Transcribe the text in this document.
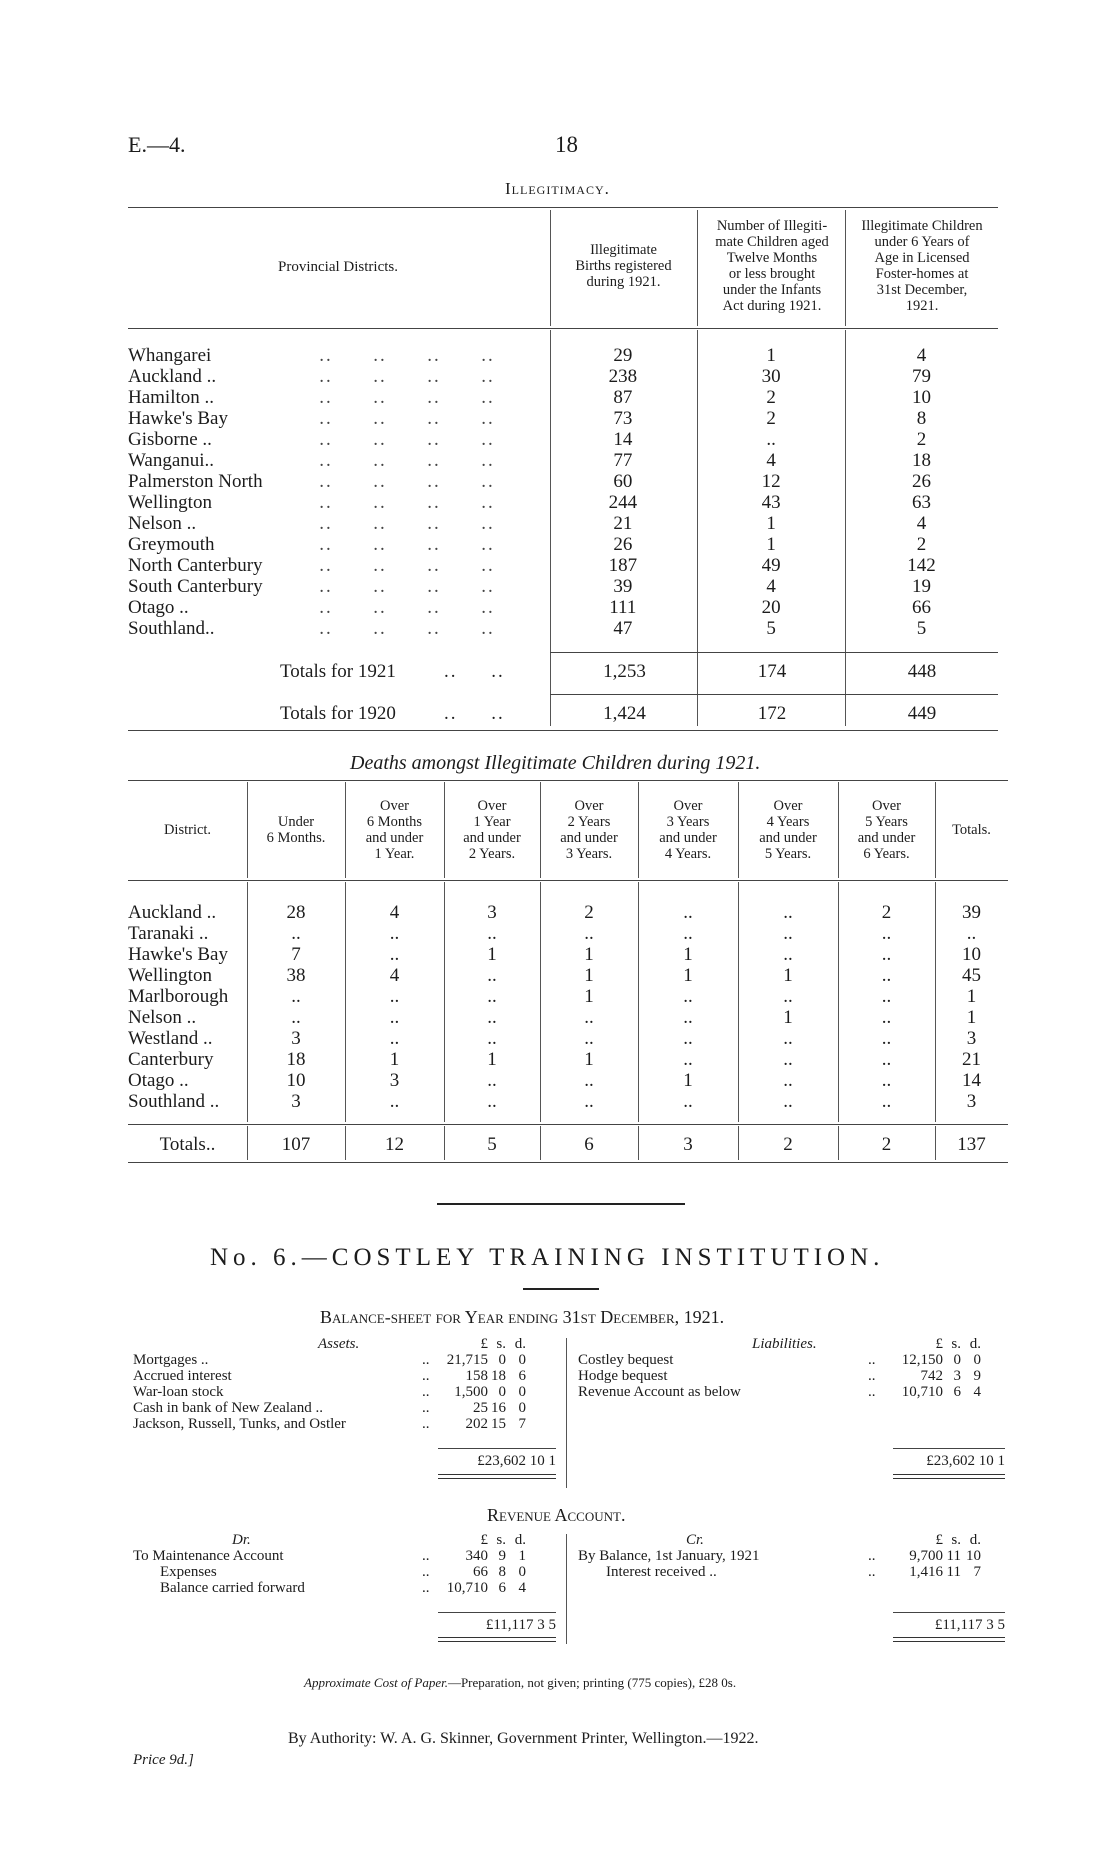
E.—4.	18
Illegitimacy.
Provincial Districts.
Illegitimate
Births registered
during 1921.
Number of Illegiti-
mate Children aged
Twelve Months
or less brought
under the Infants
Act during 1921.
Illegitimate Children
under 6 Years of
Age in Licensed
Foster-homes at
31st December,
1921.
Whangarei	..      ..      ..      ..	29	1	4
Auckland ..	..      ..      ..      ..	238	30	79
Hamilton ..	..      ..      ..      ..	87	2	10
Hawke's Bay	..      ..      ..      ..	73	2	8
Gisborne ..	..      ..      ..      ..	14	..	2
Wanganui..	..      ..      ..      ..	77	4	18
Palmerston North	..      ..      ..      ..	60	12	26
Wellington	..      ..      ..      ..	244	43	63
Nelson ..	..      ..      ..      ..	21	1	4
Greymouth	..      ..      ..      ..	26	1	2
North Canterbury	..      ..      ..      ..	187	49	142
South Canterbury	..      ..      ..      ..	39	4	19
Otago ..	..      ..      ..      ..	111	20	66
Southland..	..      ..      ..      ..	47	5	5
Totals for 1921	..     ..	1,253	174	448
Totals for 1920	..     ..	1,424	172	449
Deaths amongst Illegitimate Children during 1921.
District.	Under
6 Months.
Over
6 Months
and under
1 Year.
Over
1 Year
and under
2 Years.
Over
2 Years
and under
3 Years.
Over
3 Years
and under
4 Years.
Over
4 Years
and under
5 Years.
Over
5 Years
and under
6 Years.
Totals.
Auckland ..	28	4	3	2	..	..	2	39
Taranaki ..	..	..	..	..	..	..	..	..
Hawke's Bay	7	..	1	1	1	..	..	10
Wellington	38	4	..	1	1	1	..	45
Marlborough	..	..	..	1	..	..	..	1
Nelson ..	..	..	..	..	..	1	..	1
Westland ..	3	..	..	..	..	..	..	3
Canterbury	18	1	1	1	..	..	..	21
Otago ..	10	3	..	..	1	..	..	14
Southland ..	3	..	..	..	..	..	..	3
Totals..	107	12	5	6	3	2	2	137
No. 6.—COSTLEY TRAINING INSTITUTION.
Balance-sheet for Year ending 31st December, 1921.
Assets.	Liabilities.
£ s. d.
Mortgages ..	..	21,715 0 0
Accrued interest	..	158 18 6
War-loan stock	..	1,500 0 0
Cash in bank of New Zealand ..	..	25 16 0
Jackson, Russell, Tunks, and Ostler	..	202 15 7
£ s. d.
Costley bequest	..	12,150 0 0
Hodge bequest	..	742 3 9
Revenue Account as below	..	10,710 6 4
£23,602 10 1	£23,602 10 1
Revenue Account.
Dr.	Cr.
£ s. d.
To Maintenance Account	..	340 9 1
Expenses	..	66 8 0
Balance carried forward	..	10,710 6 4
£ s. d.
By Balance, 1st January, 1921	..	9,700 11 10
Interest received ..	..	1,416 11 7
£11,117 3 5	£11,117 3 5
Approximate Cost of Paper.—Preparation, not given; printing (775 copies), £28 0s.
By Authority: W. A. G. Skinner, Government Printer, Wellington.—1922.
Price 9d.]
